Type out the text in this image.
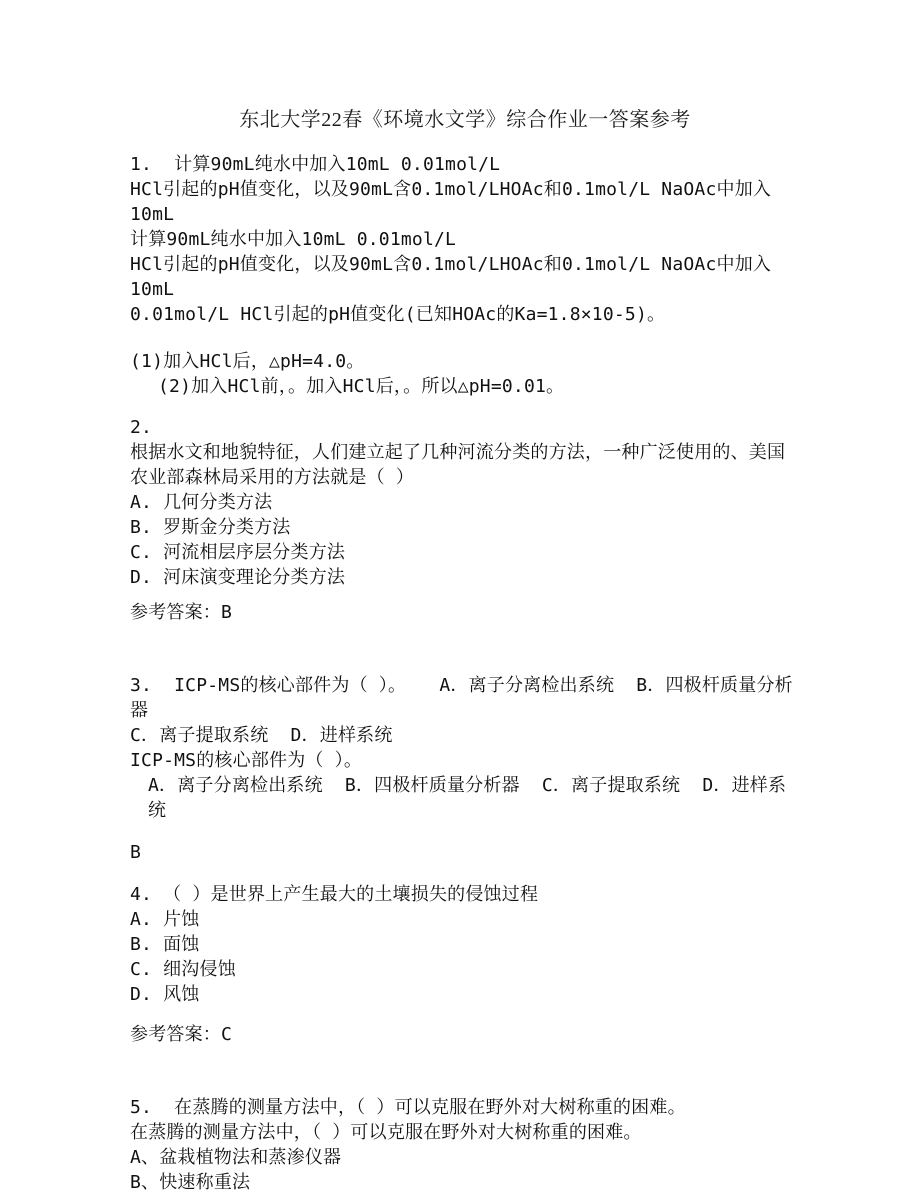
东北大学22春《环境水文学》综合作业一答案参考
1.  计算90mL纯水中加入10mL 0.01mol/L
HCl引起的pH值变化，以及90mL含0.1mol/LHOAc和0.1mol/L NaOAc中加入10mL
计算90mL纯水中加入10mL 0.01mol/L
HCl引起的pH值变化，以及90mL含0.1mol/LHOAc和0.1mol/L NaOAc中加入10mL
0.01mol/L HCl引起的pH值变化(已知HOAc的Ka=1.8×10-5)。
(1)加入HCl后，△pH=4.0。
(2)加入HCl前，。加入HCl后，。所以△pH=0.01。
2.
根据水文和地貌特征，人们建立起了几种河流分类的方法，一种广泛使用的、美国
农业部森林局采用的方法就是（ ）
A. 几何分类方法
B. 罗斯金分类方法
C. 河流相层序层分类方法
D. 河床演变理论分类方法
参考答案：B
3.  ICP-MS的核心部件为（ ）。   A．离子分离检出系统  B．四极杆质量分析器
C．离子提取系统  D．进样系统
ICP-MS的核心部件为（ ）。
A．离子分离检出系统  B．四极杆质量分析器  C．离子提取系统  D．进样系统
B
4. （ ）是世界上产生最大的土壤损失的侵蚀过程
A. 片蚀
B. 面蚀
C. 细沟侵蚀
D. 风蚀
参考答案：C
5.  在蒸腾的测量方法中，（ ）可以克服在野外对大树称重的困难。
在蒸腾的测量方法中，（ ）可以克服在野外对大树称重的困难。
A、盆栽植物法和蒸渗仪器
B、快速称重法
